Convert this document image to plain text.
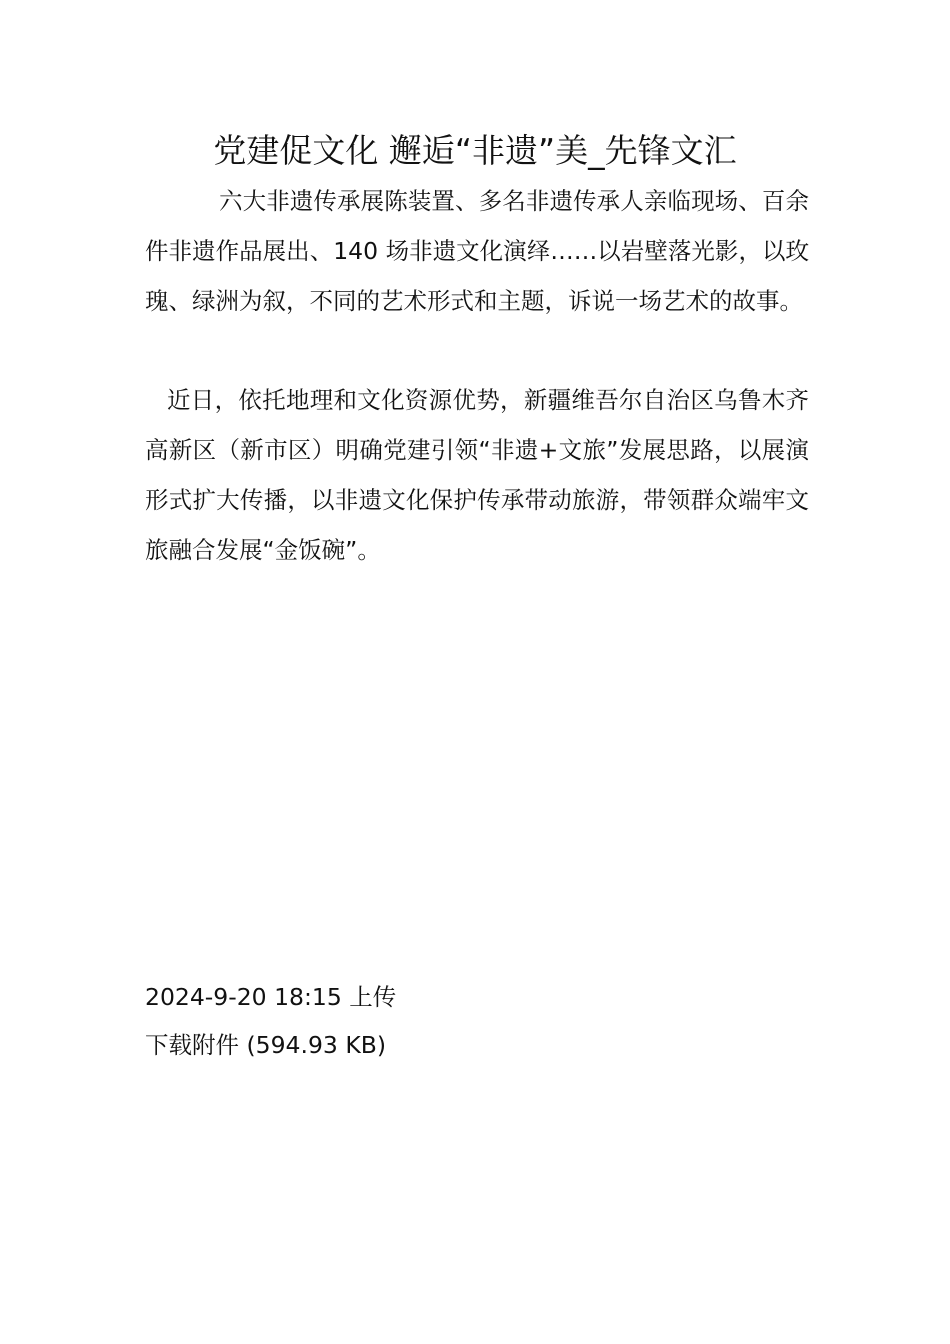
党建促文化 邂逅“非遗”美_先锋文汇

六大非遗传承展陈装置、多名非遗传承人亲临现场、百余件非遗作品展出、140 场非遗文化演绎……以岩壁落光影，以玫瑰、绿洲为叙，不同的艺术形式和主题，诉说一场艺术的故事。

近日，依托地理和文化资源优势，新疆维吾尔自治区乌鲁木齐高新区（新市区）明确党建引领“非遗+文旅”发展思路，以展演形式扩大传播，以非遗文化保护传承带动旅游，带领群众端牢文旅融合发展“金饭碗”。

2024-9-20 18:15 上传

下载附件 (594.93 KB)
